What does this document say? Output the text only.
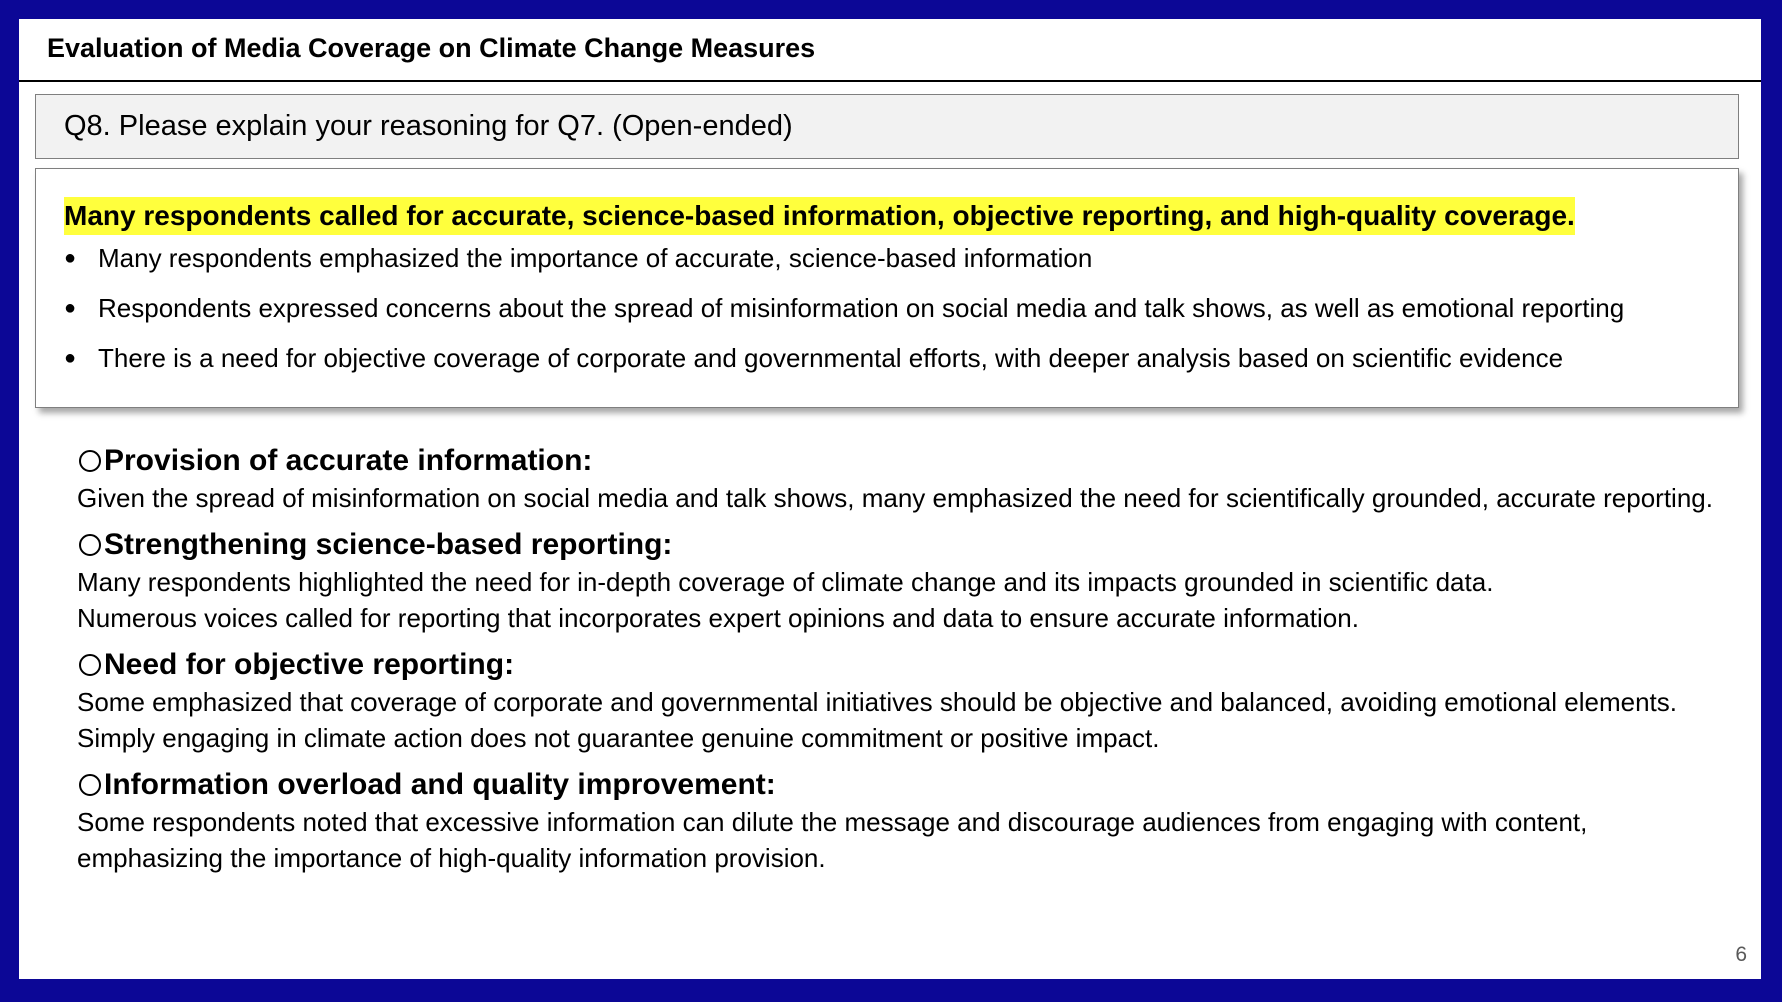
Evaluation of Media Coverage on Climate Change Measures
Q8. Please explain your reasoning for Q7. (Open-ended)
Many respondents called for accurate, science-based information, objective reporting, and high-quality coverage.
● Many respondents emphasized the importance of accurate, science-based information
● Respondents expressed concerns about the spread of misinformation on social media and talk shows, as well as emotional reporting
● There is a need for objective coverage of corporate and governmental efforts, with deeper analysis based on scientific evidence
Provision of accurate information:
Given the spread of misinformation on social media and talk shows, many emphasized the need for scientifically grounded, accurate reporting.
Strengthening science-based reporting:
Many respondents highlighted the need for in-depth coverage of climate change and its impacts grounded in scientific data.
Numerous voices called for reporting that incorporates expert opinions and data to ensure accurate information.
Need for objective reporting:
Some emphasized that coverage of corporate and governmental initiatives should be objective and balanced, avoiding emotional elements. Simply engaging in climate action does not guarantee genuine commitment or positive impact.
Information overload and quality improvement:
Some respondents noted that excessive information can dilute the message and discourage audiences from engaging with content, emphasizing the importance of high-quality information provision.
6
